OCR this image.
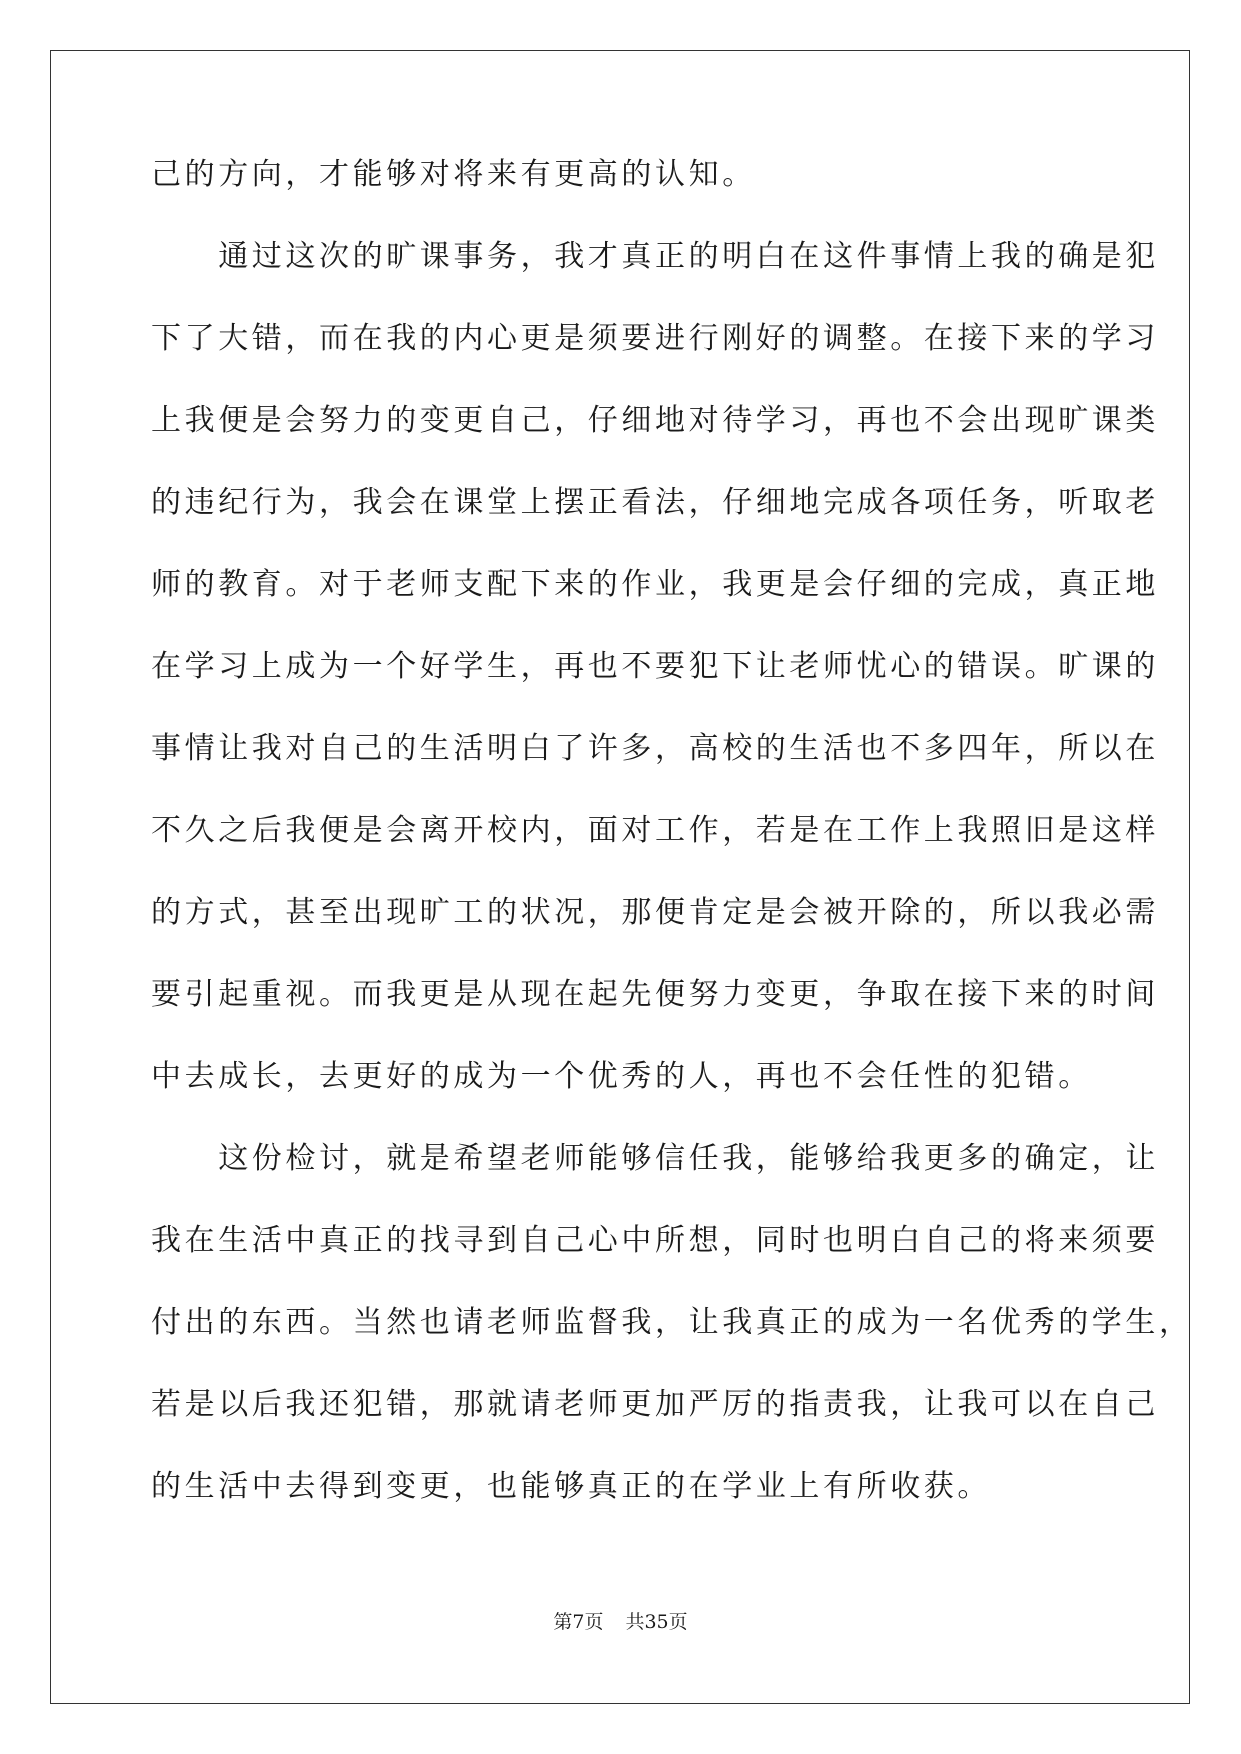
己的方向，才能够对将来有更高的认知。
　　通过这次的旷课事务，我才真正的明白在这件事情上我的确是犯
下了大错，而在我的内心更是须要进行刚好的调整。在接下来的学习
上我便是会努力的变更自己，仔细地对待学习，再也不会出现旷课类
的违纪行为，我会在课堂上摆正看法，仔细地完成各项任务，听取老
师的教育。对于老师支配下来的作业，我更是会仔细的完成，真正地
在学习上成为一个好学生，再也不要犯下让老师忧心的错误。旷课的
事情让我对自己的生活明白了许多，高校的生活也不多四年，所以在
不久之后我便是会离开校内，面对工作，若是在工作上我照旧是这样
的方式，甚至出现旷工的状况，那便肯定是会被开除的，所以我必需
要引起重视。而我更是从现在起先便努力变更，争取在接下来的时间
中去成长，去更好的成为一个优秀的人，再也不会任性的犯错。
　　这份检讨，就是希望老师能够信任我，能够给我更多的确定，让
我在生活中真正的找寻到自己心中所想，同时也明白自己的将来须要
付出的东西。当然也请老师监督我，让我真正的成为一名优秀的学生，
若是以后我还犯错，那就请老师更加严厉的指责我，让我可以在自己
的生活中去得到变更，也能够真正的在学业上有所收获。
第7页 共35页
